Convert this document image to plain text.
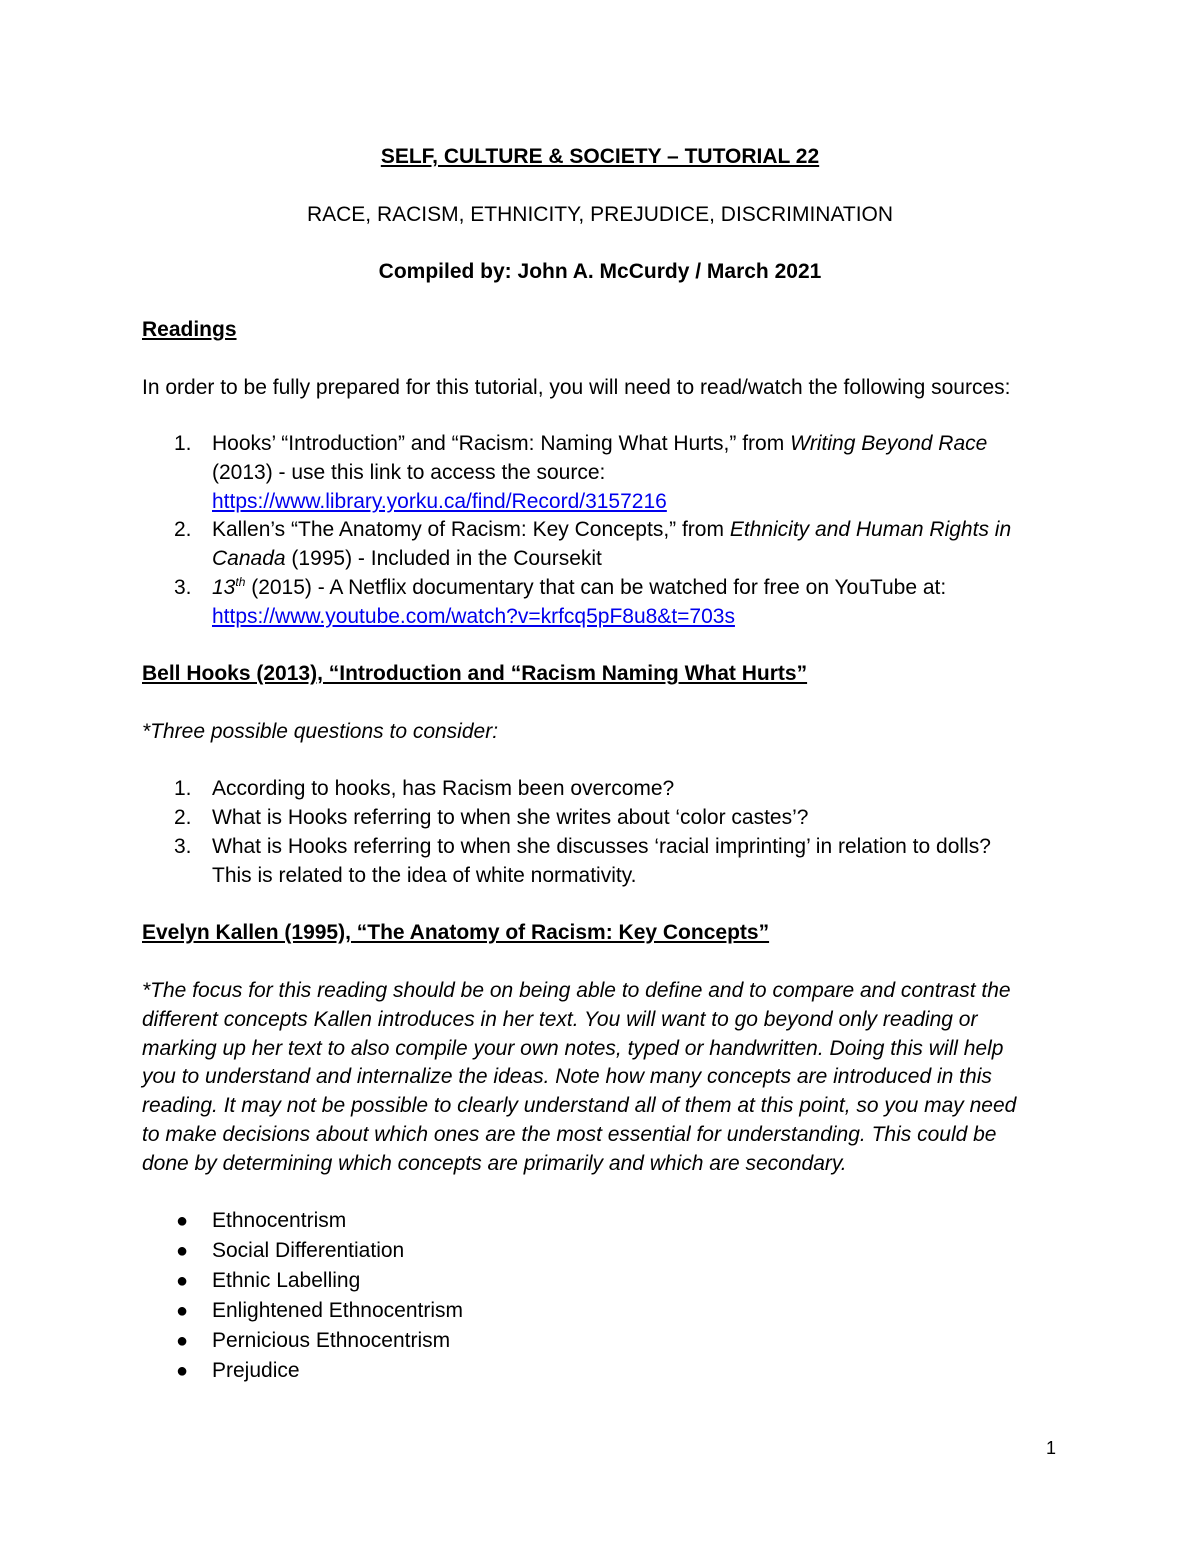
SELF, CULTURE & SOCIETY – TUTORIAL 22
RACE, RACISM, ETHNICITY, PREJUDICE, DISCRIMINATION
Compiled by: John A. McCurdy / March 2021
Readings
In order to be fully prepared for this tutorial, you will need to read/watch the following sources:
1. Hooks’ “Introduction” and “Racism: Naming What Hurts,” from Writing Beyond Race
(2013) - use this link to access the source:
https://www.library.yorku.ca/find/Record/3157216
2. Kallen’s “The Anatomy of Racism: Key Concepts,” from Ethnicity and Human Rights in
Canada (1995) - Included in the Coursekit
3. 13th (2015) - A Netflix documentary that can be watched for free on YouTube at:
https://www.youtube.com/watch?v=krfcq5pF8u8&t=703s
Bell Hooks (2013), “Introduction and “Racism Naming What Hurts”
*Three possible questions to consider:
1. According to hooks, has Racism been overcome?
2. What is Hooks referring to when she writes about ‘color castes’?
3. What is Hooks referring to when she discusses ‘racial imprinting’ in relation to dolls?
This is related to the idea of white normativity.
Evelyn Kallen (1995), “The Anatomy of Racism: Key Concepts”
*The focus for this reading should be on being able to define and to compare and contrast the
different concepts Kallen introduces in her text. You will want to go beyond only reading or
marking up her text to also compile your own notes, typed or handwritten. Doing this will help
you to understand and internalize the ideas. Note how many concepts are introduced in this
reading. It may not be possible to clearly understand all of them at this point, so you may need
to make decisions about which ones are the most essential for understanding. This could be
done by determining which concepts are primarily and which are secondary.
● Ethnocentrism
● Social Differentiation
● Ethnic Labelling
● Enlightened Ethnocentrism
● Pernicious Ethnocentrism
● Prejudice
1
